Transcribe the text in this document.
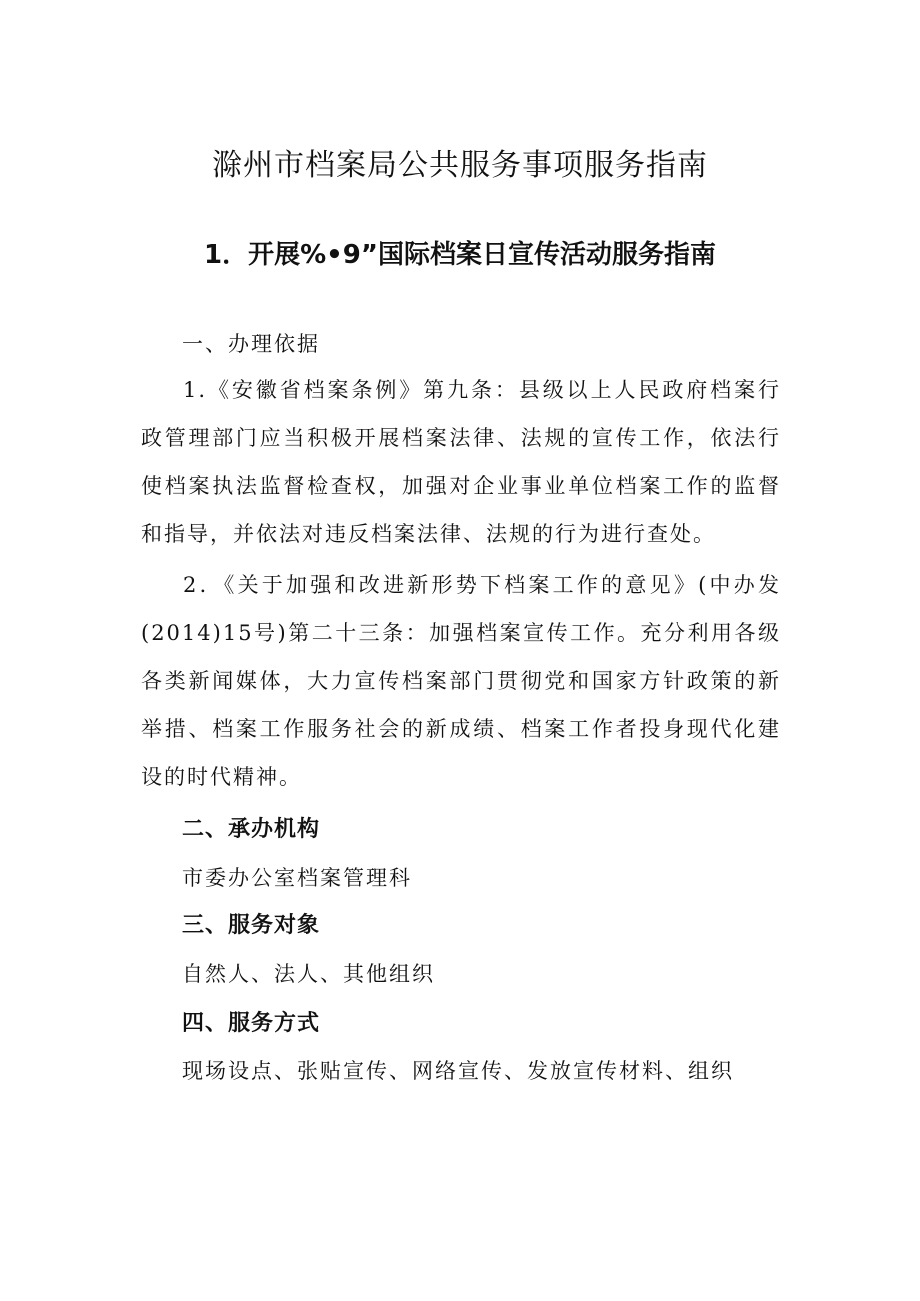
滁州市档案局公共服务事项服务指南
1．开展%•9”国际档案日宣传活动服务指南

一、办理依据

1.《安徽省档案条例》第九条：县级以上人民政府档案行政管理部门应当积极开展档案法律、法规的宣传工作，依法行使档案执法监督检查权，加强对企业事业单位档案工作的监督和指导，并依法对违反档案法律、法规的行为进行查处。

2．《关于加强和改进新形势下档案工作的意见》(中办发(2014)15号)第二十三条：加强档案宣传工作。充分利用各级各类新闻媒体，大力宣传档案部门贯彻党和国家方针政策的新举措、档案工作服务社会的新成绩、档案工作者投身现代化建设的时代精神。

二、承办机构

市委办公室档案管理科

三、服务对象

自然人、法人、其他组织

四、服务方式

现场设点、张贴宣传、网络宣传、发放宣传材料、组织
